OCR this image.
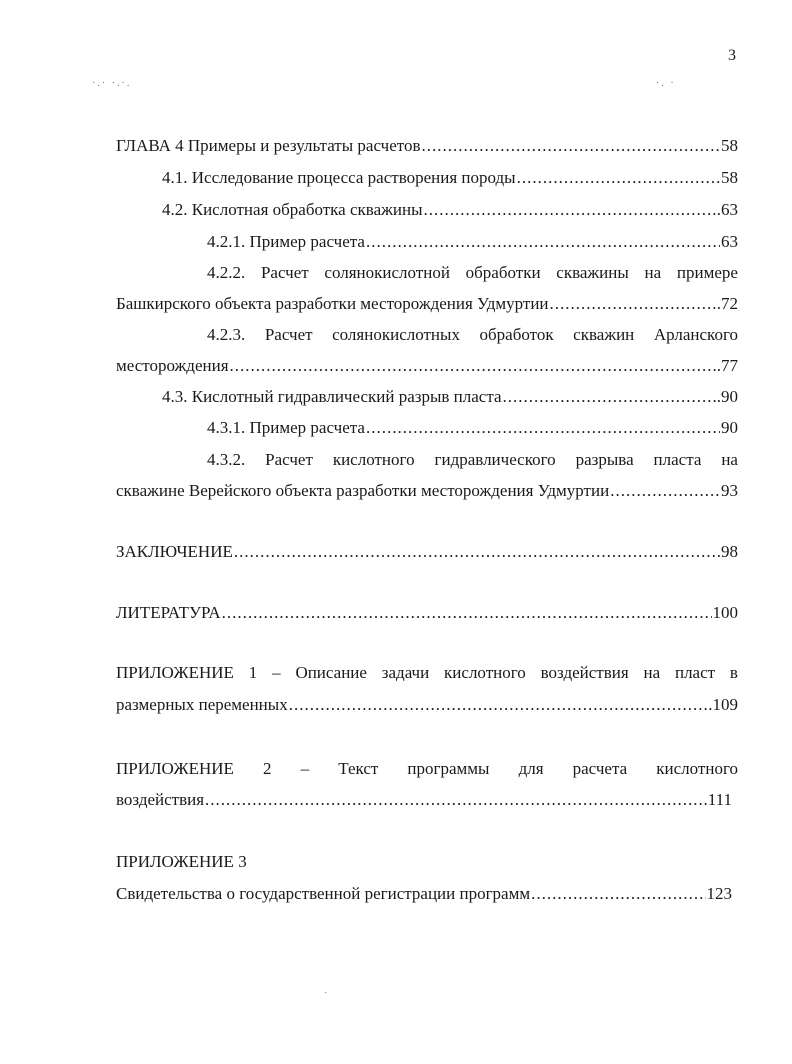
3
·.· ·.·.	·. ·
ГЛАВА 4 Примеры и результаты расчетов .....	58
4.1. Исследование процесса растворения породы .....	58
4.2. Кислотная обработка скважины .....	.63
4.2.1. Пример расчета .....	63
4.2.2. Расчет солянокислотной обработки скважины на примере
Башкирского объекта разработки месторождения Удмуртии .....	.72
4.2.3. Расчет солянокислотных обработок скважин Арланского
месторождения .....	.77
4.3. Кислотный гидравлический разрыв пласта .....	.90
4.3.1. Пример расчета .....	90
4.3.2. Расчет кислотного гидравлического разрыва пласта на
скважине Верейского объекта разработки месторождения Удмуртии .....	93
ЗАКЛЮЧЕНИЕ .....	.98
ЛИТЕРАТУРА .....	100
ПРИЛОЖЕНИЕ 1 – Описание задачи кислотного воздействия на пласт в
размерных переменных .....	.109
ПРИЛОЖЕНИЕ 2 – Текст программы для расчета кислотного
воздействия .....	.111
ПРИЛОЖЕНИЕ 3
Свидетельства о государственной регистрации программ .....	123
·
